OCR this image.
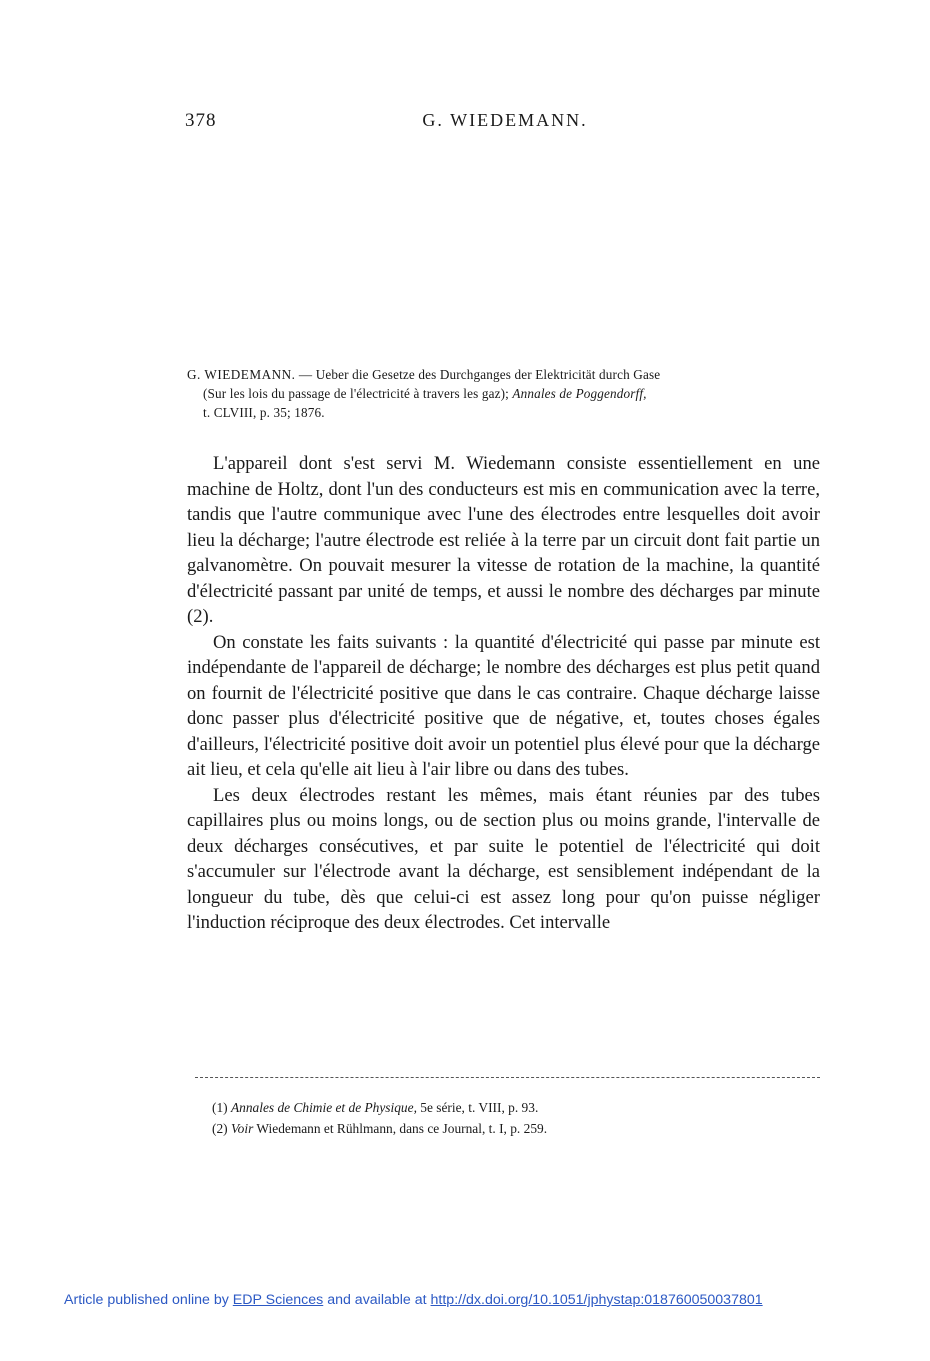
378	G. WIEDEMANN.
G. WIEDEMANN. — Ueber die Gesetze des Durchganges der Elektricität durch Gase
(Sur les lois du passage de l'électricité à travers les gaz); Annales de Poggendorff,
t. CLVIII, p. 35; 1876.

L'appareil dont s'est servi M. Wiedemann consiste essentiellement en une machine de Holtz, dont l'un des conducteurs est mis en communication avec la terre, tandis que l'autre communique avec l'une des électrodes entre lesquelles doit avoir lieu la décharge; l'autre électrode est reliée à la terre par un circuit dont fait partie un galvanomètre. On pouvait mesurer la vitesse de rotation de la machine, la quantité d'électricité passant par unité de temps, et aussi le nombre des décharges par minute (2).

On constate les faits suivants : la quantité d'électricité qui passe par minute est indépendante de l'appareil de décharge; le nombre des décharges est plus petit quand on fournit de l'électricité positive que dans le cas contraire. Chaque décharge laisse donc passer plus d'électricité positive que de négative, et, toutes choses égales d'ailleurs, l'électricité positive doit avoir un potentiel plus élevé pour que la décharge ait lieu, et cela qu'elle ait lieu à l'air libre ou dans des tubes.

Les deux électrodes restant les mêmes, mais étant réunies par des tubes capillaires plus ou moins longs, ou de section plus ou moins grande, l'intervalle de deux décharges consécutives, et par suite le potentiel de l'électricité qui doit s'accumuler sur l'électrode avant la décharge, est sensiblement indépendant de la longueur du tube, dès que celui-ci est assez long pour qu'on puisse négliger l'induction réciproque des deux électrodes. Cet intervalle

(1) Annales de Chimie et de Physique, 5e série, t. VIII, p. 93.

(2) Voir Wiedemann et Rühlmann, dans ce Journal, t. I, p. 259.

Article published online by EDP Sciences and available at http://dx.doi.org/10.1051/jphystap:018760050037801
